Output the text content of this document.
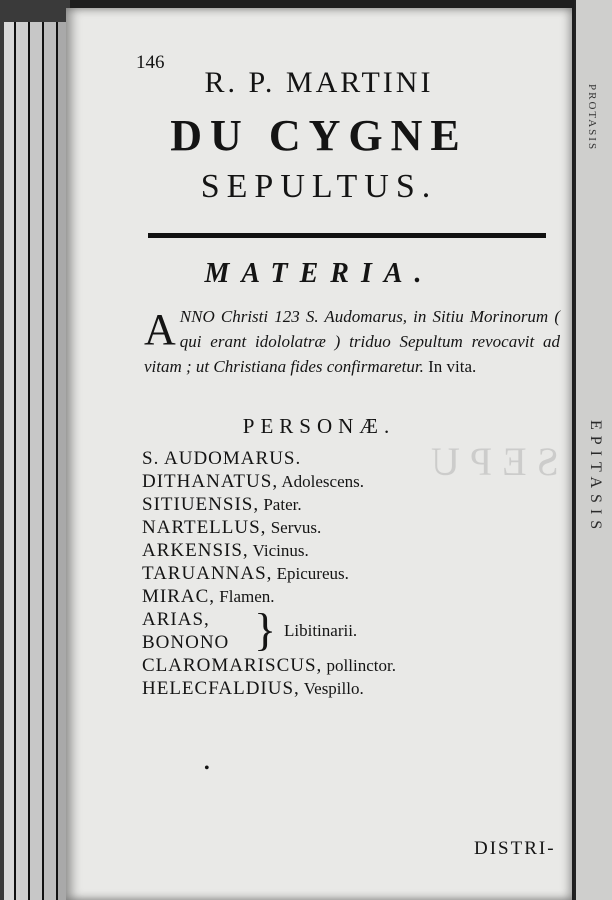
SEPU
146
R. P. MARTINI
DU CYGNE
SEPULTUS.
MATERIA.
A NNO Christi 123 S. Audomarus, in Sitiu Morinorum ( qui erant idololatræ ) triduo Sepultum revocavit ad vitam ; ut Christiana fides confirmaretur. In vita.
PERSONÆ.
S. AUDOMARUS.
DITHANATUS, Adolescens.
SITIUENSIS, Pater.
NARTELLUS, Servus.
ARKENSIS, Vicinus.
TARUANNAS, Epicureus.
MIRAC, Flamen.
ARIAS,
BONONO } Libitinarii.
CLAROMARISCUS, pollinctor.
HELECFALDIUS, Vespillo.
•
DISTRI-
PROTASIS
EPITASIS
